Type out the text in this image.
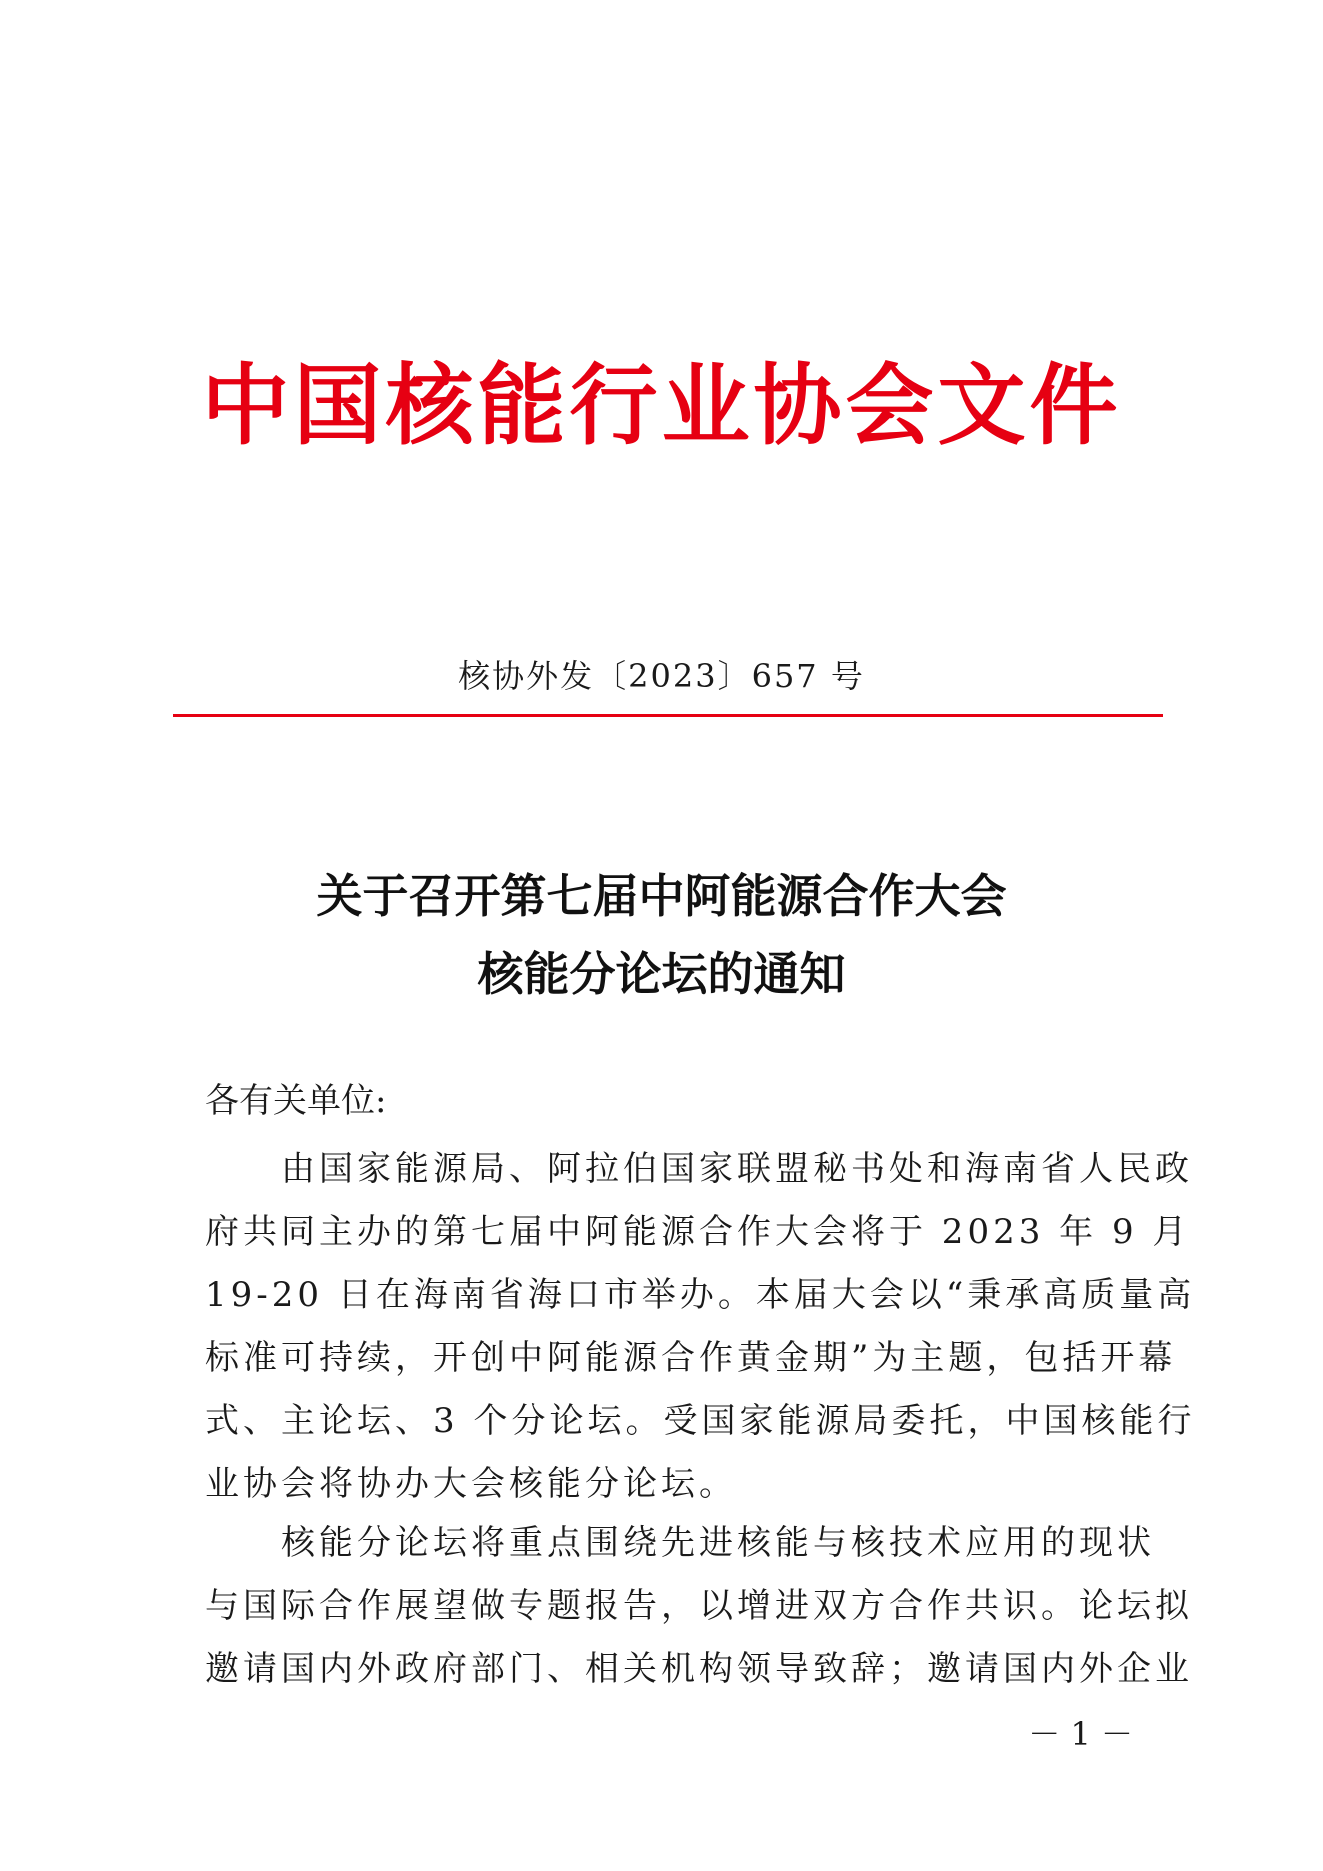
中国核能行业协会文件
核协外发〔2023〕657 号
关于召开第七届中阿能源合作大会
核能分论坛的通知
各有关单位:
　　由国家能源局、阿拉伯国家联盟秘书处和海南省人民政
府共同主办的第七届中阿能源合作大会将于 2023 年 9 月
19-20 日在海南省海口市举办。本届大会以“秉承高质量高
标准可持续，开创中阿能源合作黄金期”为主题，包括开幕
式、主论坛、3 个分论坛。受国家能源局委托，中国核能行
业协会将协办大会核能分论坛。
　　核能分论坛将重点围绕先进核能与核技术应用的现状
与国际合作展望做专题报告，以增进双方合作共识。论坛拟
邀请国内外政府部门、相关机构领导致辞；邀请国内外企业
－ 1 －
